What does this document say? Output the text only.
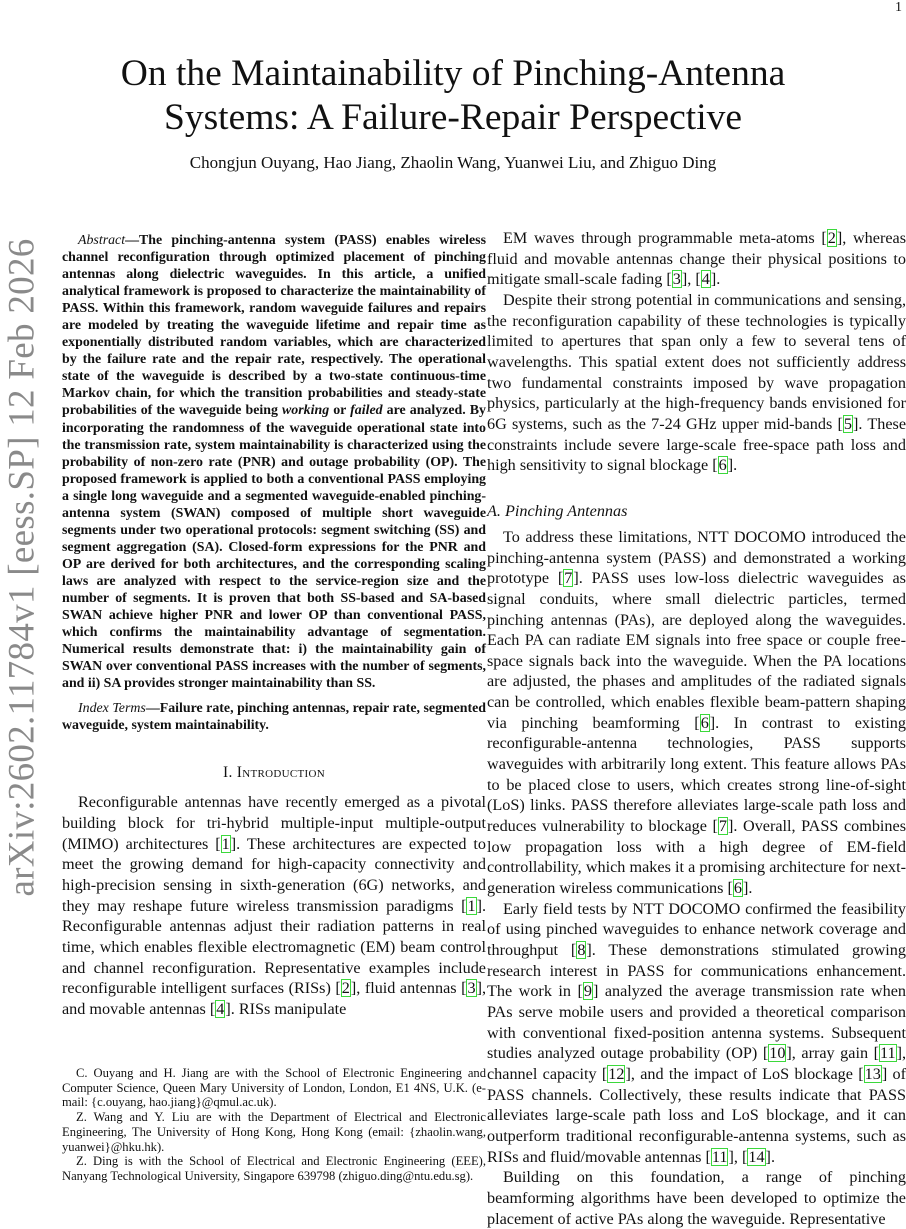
1
arXiv:2602.11784v1 [eess.SP] 12 Feb 2026
On the Maintainability of Pinching-Antenna Systems: A Failure-Repair Perspective
Chongjun Ouyang, Hao Jiang, Zhaolin Wang, Yuanwei Liu, and Zhiguo Ding

Abstract—The pinching-antenna system (PASS) enables wireless channel reconfiguration through optimized placement of pinching antennas along dielectric waveguides. In this article, a unified analytical framework is proposed to characterize the maintainability of PASS. Within this framework, random waveguide failures and repairs are modeled by treating the waveguide lifetime and repair time as exponentially distributed random variables, which are characterized by the failure rate and the repair rate, respectively. The operational state of the waveguide is described by a two-state continuous-time Markov chain, for which the transition probabilities and steady-state probabilities of the waveguide being working or failed are analyzed. By incorporating the randomness of the waveguide operational state into the transmission rate, system maintainability is characterized using the probability of non-zero rate (PNR) and outage probability (OP). The proposed framework is applied to both a conventional PASS employing a single long waveguide and a segmented waveguide-enabled pinching-antenna system (SWAN) composed of multiple short waveguide segments under two operational protocols: segment switching (SS) and segment aggregation (SA). Closed-form expressions for the PNR and OP are derived for both architectures, and the corresponding scaling laws are analyzed with respect to the service-region size and the number of segments. It is proven that both SS-based and SA-based SWAN achieve higher PNR and lower OP than conventional PASS, which confirms the maintainability advantage of segmentation. Numerical results demonstrate that: i) the maintainability gain of SWAN over conventional PASS increases with the number of segments, and ii) SA provides stronger maintainability than SS.

Index Terms—Failure rate, pinching antennas, repair rate, segmented waveguide, system maintainability.

I. Introduction

Reconfigurable antennas have recently emerged as a pivotal building block for tri-hybrid multiple-input multiple-output (MIMO) architectures [1]. These architectures are expected to meet the growing demand for high-capacity connectivity and high-precision sensing in sixth-generation (6G) networks, and they may reshape future wireless transmission paradigms [1]. Reconfigurable antennas adjust their radiation patterns in real time, which enables flexible electromagnetic (EM) beam control and channel reconfiguration. Representative examples include reconfigurable intelligent surfaces (RISs) [2], fluid antennas [3], and movable antennas [4]. RISs manipulate

C. Ouyang and H. Jiang are with the School of Electronic Engineering and Computer Science, Queen Mary University of London, London, E1 4NS, U.K. (e-mail: {c.ouyang, hao.jiang}@qmul.ac.uk).

Z. Wang and Y. Liu are with the Department of Electrical and Electronic Engineering, The University of Hong Kong, Hong Kong (email: {zhaolin.wang, yuanwei}@hku.hk).

Z. Ding is with the School of Electrical and Electronic Engineering (EEE), Nanyang Technological University, Singapore 639798 (zhiguo.ding@ntu.edu.sg).

EM waves through programmable meta-atoms [2], whereas fluid and movable antennas change their physical positions to mitigate small-scale fading [3], [4].

Despite their strong potential in communications and sensing, the reconfiguration capability of these technologies is typically limited to apertures that span only a few to several tens of wavelengths. This spatial extent does not sufficiently address two fundamental constraints imposed by wave propagation physics, particularly at the high-frequency bands envisioned for 6G systems, such as the 7-24 GHz upper mid-bands [5]. These constraints include severe large-scale free-space path loss and high sensitivity to signal blockage [6].

A. Pinching Antennas

To address these limitations, NTT DOCOMO introduced the pinching-antenna system (PASS) and demonstrated a working prototype [7]. PASS uses low-loss dielectric waveguides as signal conduits, where small dielectric particles, termed pinching antennas (PAs), are deployed along the waveguides. Each PA can radiate EM signals into free space or couple free-space signals back into the waveguide. When the PA locations are adjusted, the phases and amplitudes of the radiated signals can be controlled, which enables flexible beam-pattern shaping via pinching beamforming [6]. In contrast to existing reconfigurable-antenna technologies, PASS supports waveguides with arbitrarily long extent. This feature allows PAs to be placed close to users, which creates strong line-of-sight (LoS) links. PASS therefore alleviates large-scale path loss and reduces vulnerability to blockage [7]. Overall, PASS combines low propagation loss with a high degree of EM-field controllability, which makes it a promising architecture for next-generation wireless communications [6].

Early field tests by NTT DOCOMO confirmed the feasibility of using pinched waveguides to enhance network coverage and throughput [8]. These demonstrations stimulated growing research interest in PASS for communications enhancement. The work in [9] analyzed the average transmission rate when PAs serve mobile users and provided a theoretical comparison with conventional fixed-position antenna systems. Subsequent studies analyzed outage probability (OP) [10], array gain [11], channel capacity [12], and the impact of LoS blockage [13] of PASS channels. Collectively, these results indicate that PASS alleviates large-scale path loss and LoS blockage, and it can outperform traditional reconfigurable-antenna systems, such as RISs and fluid/movable antennas [11], [14].

Building on this foundation, a range of pinching beamforming algorithms have been developed to optimize the placement of active PAs along the waveguide. Representative
